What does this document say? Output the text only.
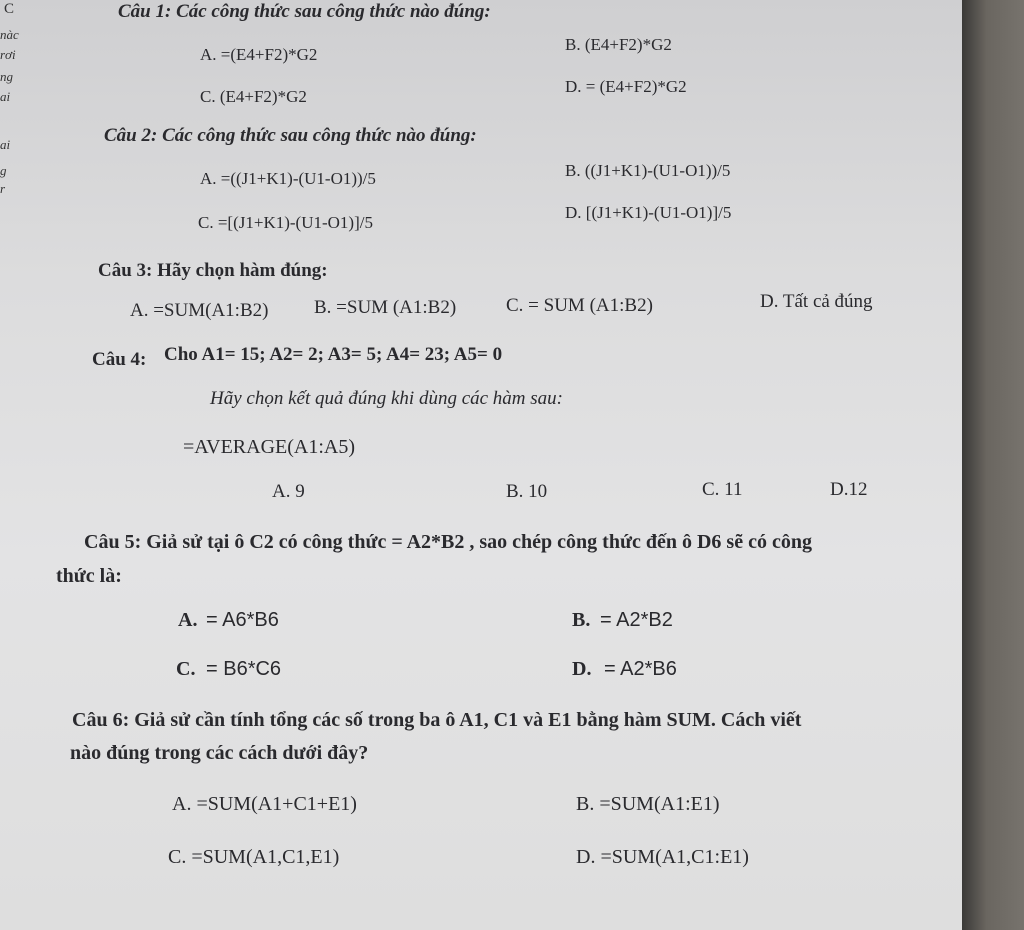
C
nàc
rơi
ng
ai
ai
g
r
Câu 1: Các công thức sau công thức nào đúng:
A. =(E4+F2)*G2
B. (E4+F2)*G2
C. (E4+F2)*G2
D. = (E4+F2)*G2
Câu 2: Các công thức sau công thức nào đúng:
A. =((J1+K1)-(U1-O1))/5	B. ((J1+K1)-(U1-O1))/5
C. =[(J1+K1)-(U1-O1)]/5
D. [(J1+K1)-(U1-O1)]/5
Câu 3: Hãy chọn hàm đúng:
A. =SUM(A1:B2) B. =SUM (A1:B2)	C. = SUM (A1:B2)	D. Tất cả đúng
Câu 4: Cho A1= 15; A2= 2; A3= 5; A4= 23; A5= 0
Hãy chọn kết quả đúng khi dùng các hàm sau:
=AVERAGE(A1:A5)
A. 9	B. 10	C. 11	D.12
Câu 5: Giả sử tại ô C2 có công thức = A2*B2 , sao chép công thức đến ô D6 sẽ có công
thức là:
A. = A6*B6	B. = A2*B2
C. = B6*C6	D. = A2*B6
Câu 6: Giả sử cần tính tổng các số trong ba ô A1, C1 và E1 bằng hàm SUM. Cách viết
nào đúng trong các cách dưới đây?
A. =SUM(A1+C1+E1)	B. =SUM(A1:E1)
C. =SUM(A1,C1,E1)	D. =SUM(A1,C1:E1)
